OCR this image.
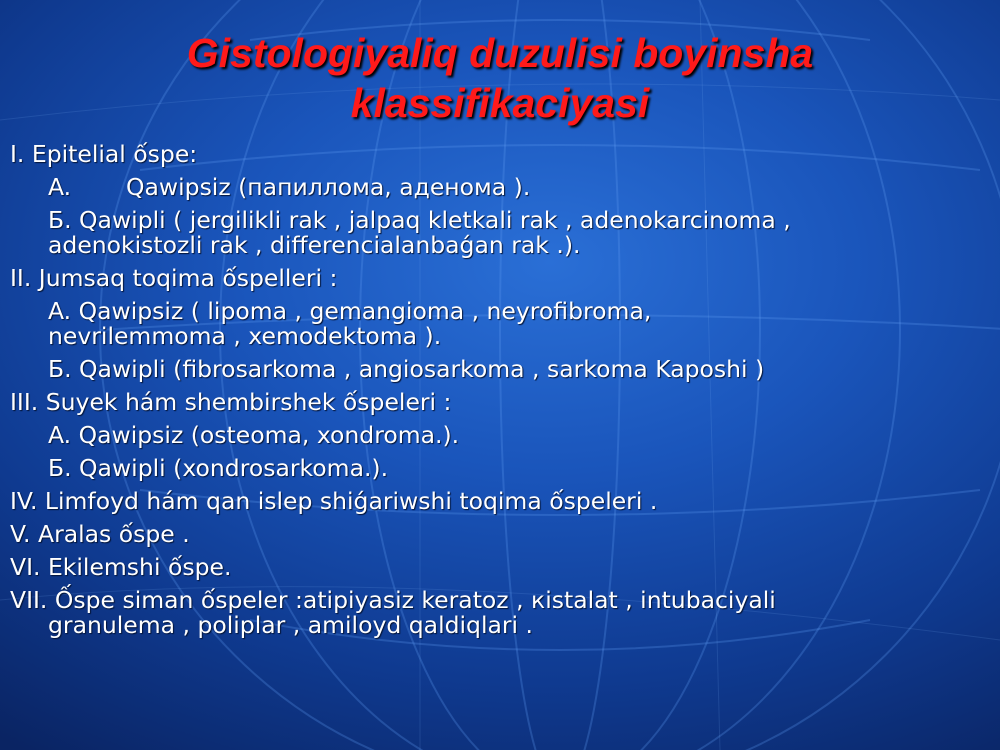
Gistologiyaliq duzulisi boyinsha
klassifikaciyasi
I. Epitelial ốspe:
A. Qawipsiz (папиллома, аденома ).
Б. Qawipli ( jergilikli rak , jalpaq kletkali rak , adenokarcinoma ,
adenokistozli rak , differencialanbaǵan rak .).
II. Jumsaq toqima ốspelleri :
A. Qawipsiz ( lipoma , gemangioma , neyrofibroma,
nevrilemmoma , xemodektoma ).
Б. Qawipli (fibrosarkoma , angiosarkoma , sarkoma Kaposhi )
III. Suyek hám shembirshek ốspeleri :
A. Qawipsiz (osteoma, xondroma.).
Б. Qawipli (xondrosarkoma.).
IV. Limfoyd hám qan islep shiǵariwshi toqima ốspeleri .
V. Aralas ốspe .
VI. Ekilemshi ốspe.
VII. Ốspe siman ốspeler :atipiyasiz keratoz , кistalat , intubaciyali
granulema , poliplar , amiloyd qaldiqlari .
